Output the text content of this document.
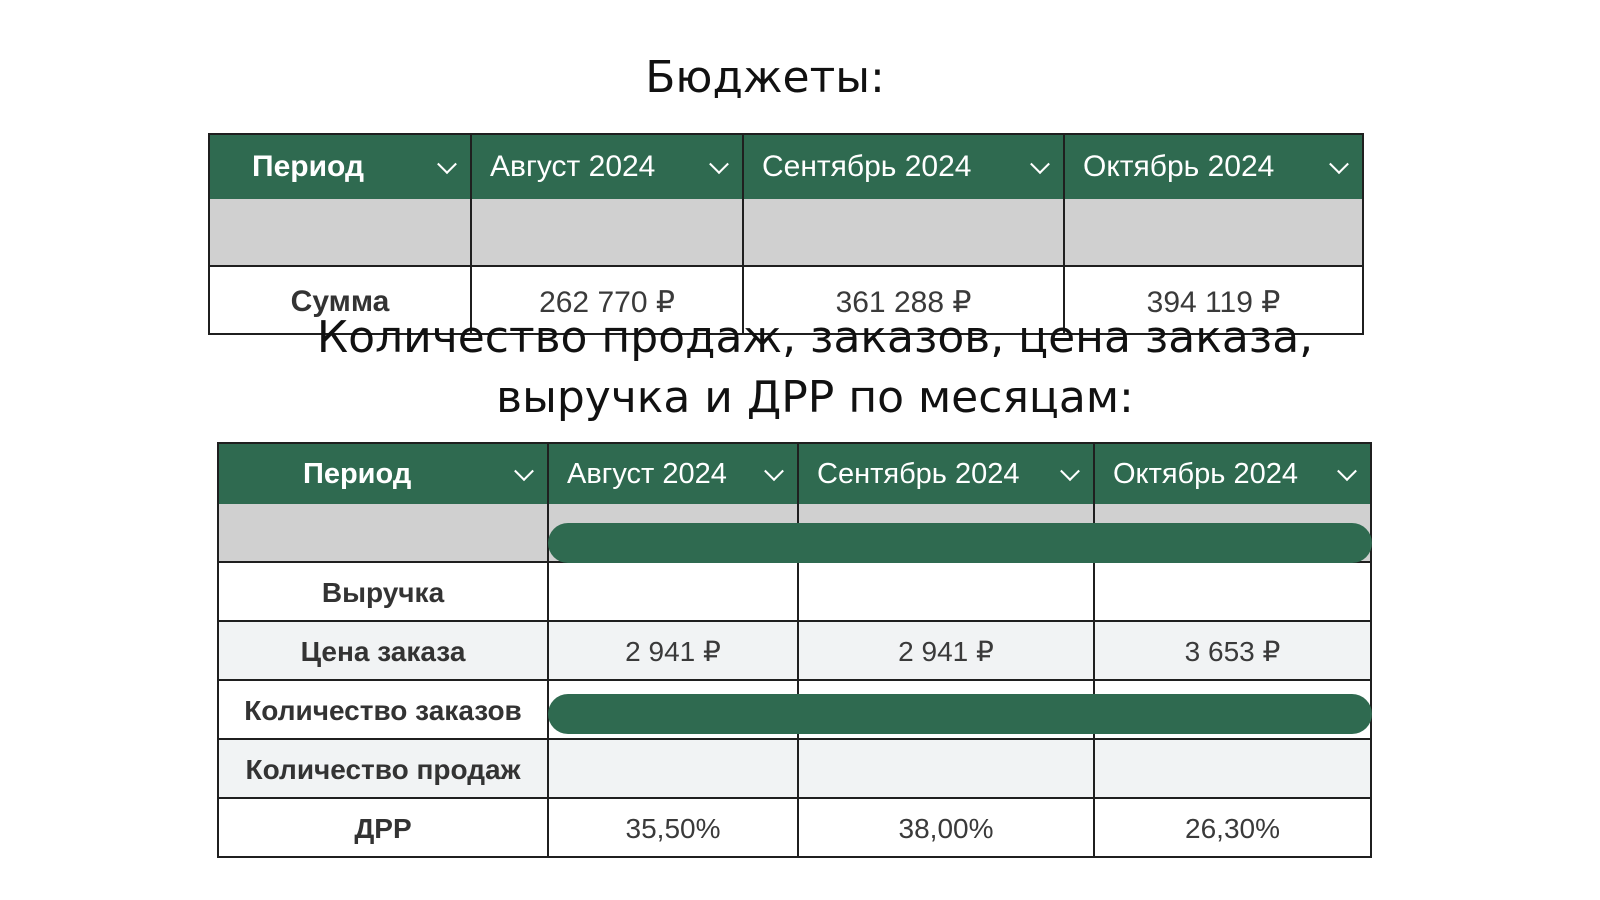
Бюджеты:
Период	Август 2024	Сентябрь 2024	Октябрь 2024

Сумма	262 770 ₽	361 288 ₽	394 119 ₽
Количество продаж, заказов, цена заказа,
выручка и ДРР по месяцам:
Период	Август 2024	Сентябрь 2024	Октябрь 2024

Выручка			
Цена заказа	2 941 ₽	2 941 ₽	3 653 ₽
Количество заказов			
Количество продаж			
ДРР	35,50%	38,00%	26,30%
